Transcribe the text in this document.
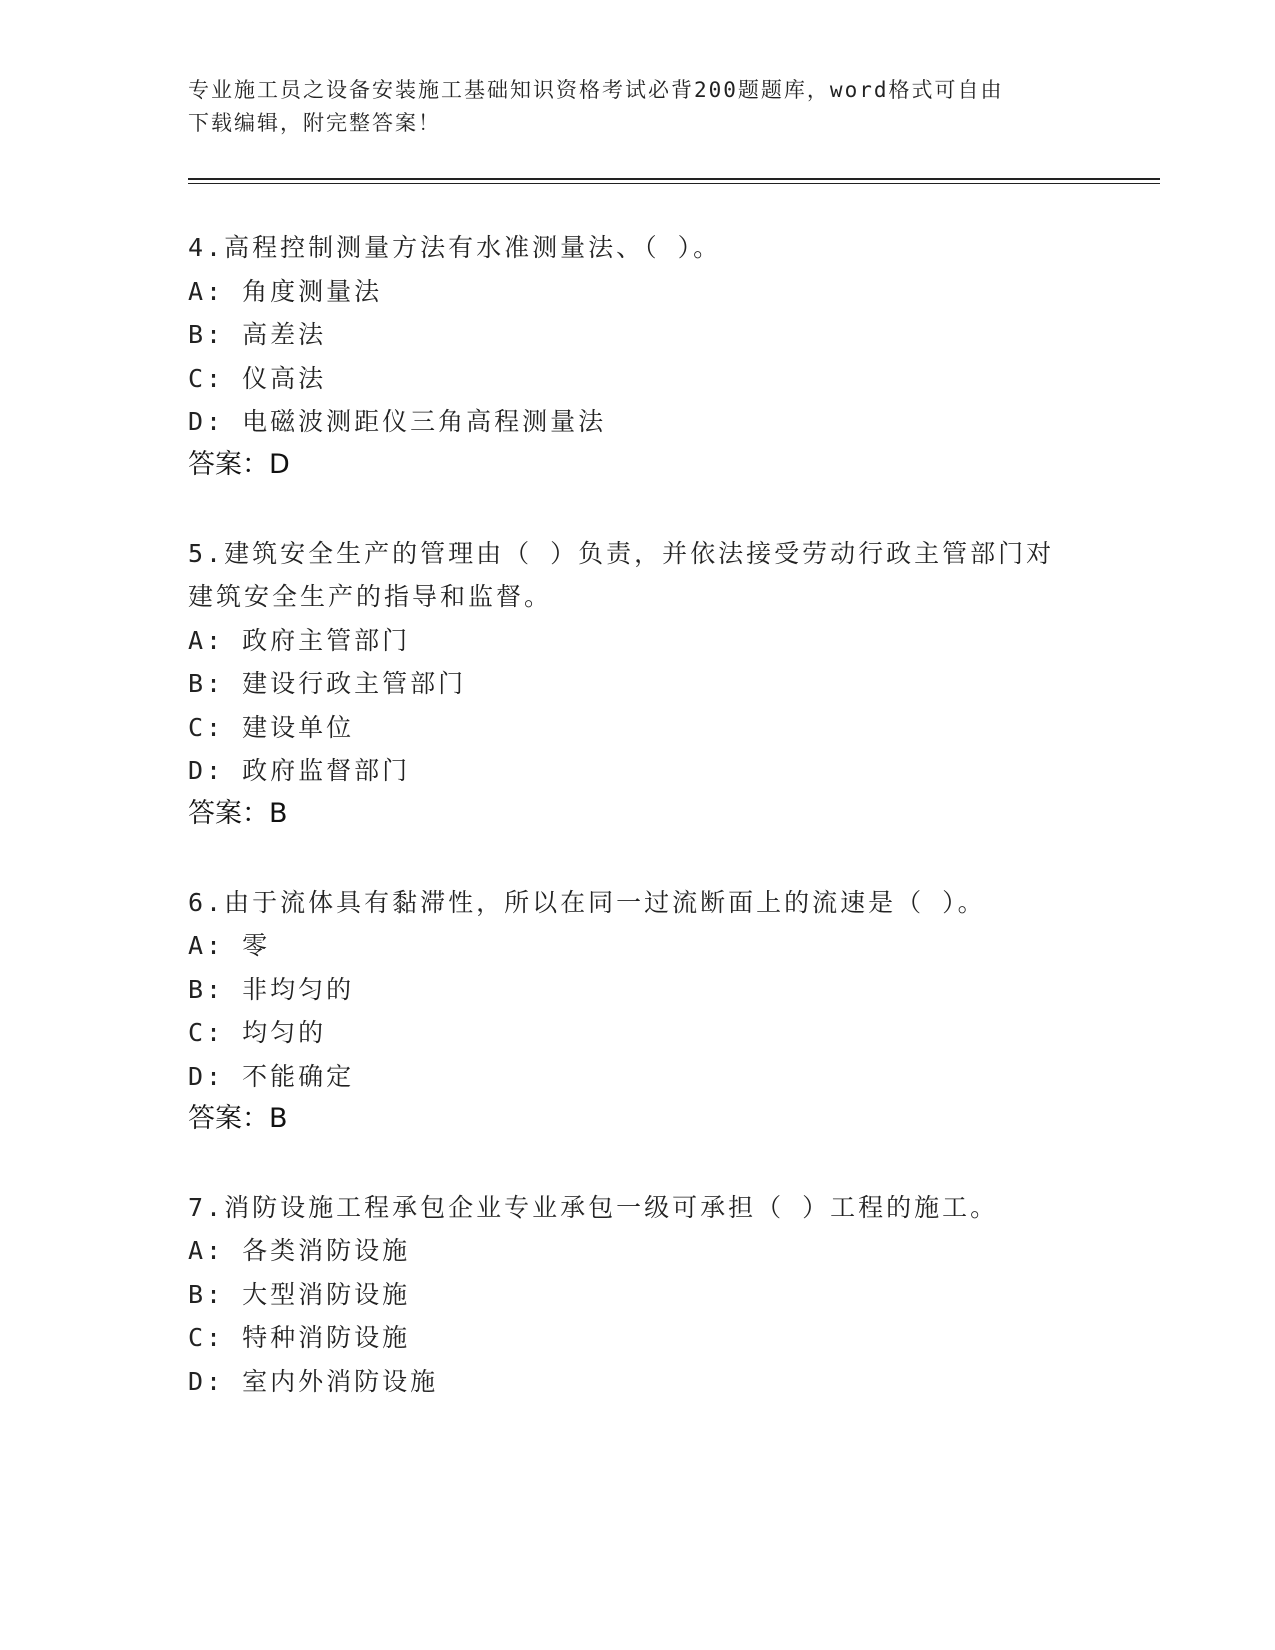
专业施工员之设备安装施工基础知识资格考试必背200题题库，word格式可自由
下载编辑，附完整答案！
4.高程控制测量方法有水准测量法、（ ）。
A: 角度测量法
B: 高差法
C: 仪高法
D: 电磁波测距仪三角高程测量法
答案：D
5.建筑安全生产的管理由（ ）负责，并依法接受劳动行政主管部门对
建筑安全生产的指导和监督。
A: 政府主管部门
B: 建设行政主管部门
C: 建设单位
D: 政府监督部门
答案：B
6.由于流体具有黏滞性，所以在同一过流断面上的流速是（ ）。
A: 零
B: 非均匀的
C: 均匀的
D: 不能确定
答案：B
7.消防设施工程承包企业专业承包一级可承担（ ）工程的施工。
A: 各类消防设施
B: 大型消防设施
C: 特种消防设施
D: 室内外消防设施
